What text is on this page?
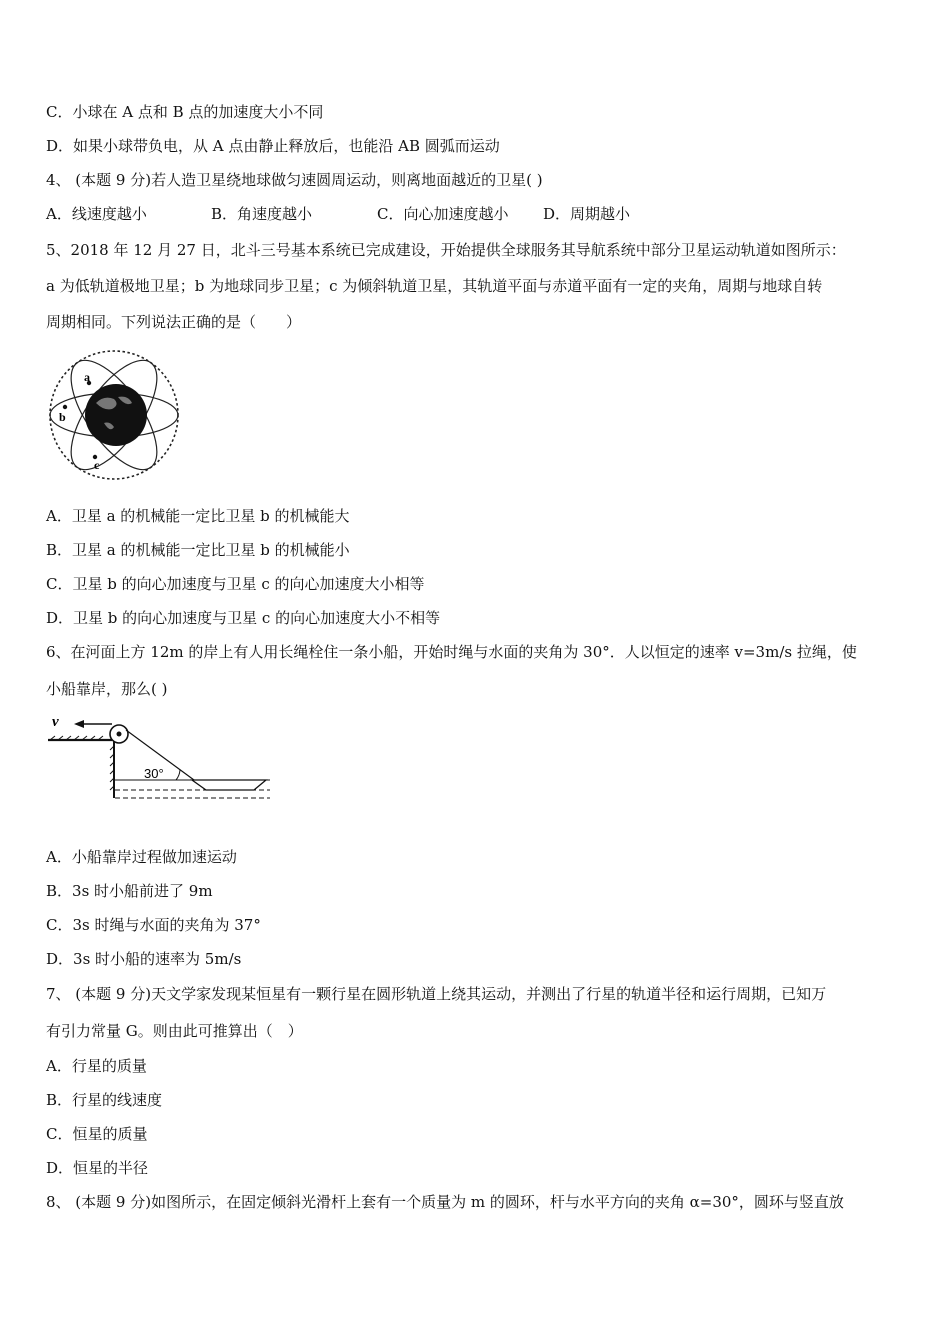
C．小球在 A 点和 B 点的加速度大小不同
D．如果小球带负电，从 A 点由静止释放后，也能沿 AB 圆弧而运动
4、 (本题 9 分)若人造卫星绕地球做匀速圆周运动，则离地面越近的卫星( )
A．线速度越小	B．角速度越小	C．向心加速度越小 D．周期越小
5、2018 年 12 月 27 日，北斗三号基本系统已完成建设，开始提供全球服务其导航系统中部分卫星运动轨道如图所示：
a 为低轨道极地卫星；b 为地球同步卫星；c 为倾斜轨道卫星，其轨道平面与赤道平面有一定的夹角，周期与地球自转
周期相同。下列说法正确的是（　　）
a
b
c
A．卫星 a 的机械能一定比卫星 b 的机械能大
B．卫星 a 的机械能一定比卫星 b 的机械能小
C．卫星 b 的向心加速度与卫星 c 的向心加速度大小相等
D．卫星 b 的向心加速度与卫星 c 的向心加速度大小不相等
6、在河面上方 12m 的岸上有人用长绳栓住一条小船，开始时绳与水面的夹角为 30°．人以恒定的速率 v=3m/s 拉绳，使
小船靠岸，那么( )
v
30°
A．小船靠岸过程做加速运动
B．3s 时小船前进了 9m
C．3s 时绳与水面的夹角为 37°
D．3s 时小船的速率为 5m/s
7、 (本题 9 分)天文学家发现某恒星有一颗行星在圆形轨道上绕其运动，并测出了行星的轨道半径和运行周期，已知万
有引力常量 G。则由此可推算出（　）
A．行星的质量
B．行星的线速度
C．恒星的质量
D．恒星的半径
8、 (本题 9 分)如图所示，在固定倾斜光滑杆上套有一个质量为 m 的圆环，杆与水平方向的夹角 α=30°，圆环与竖直放
